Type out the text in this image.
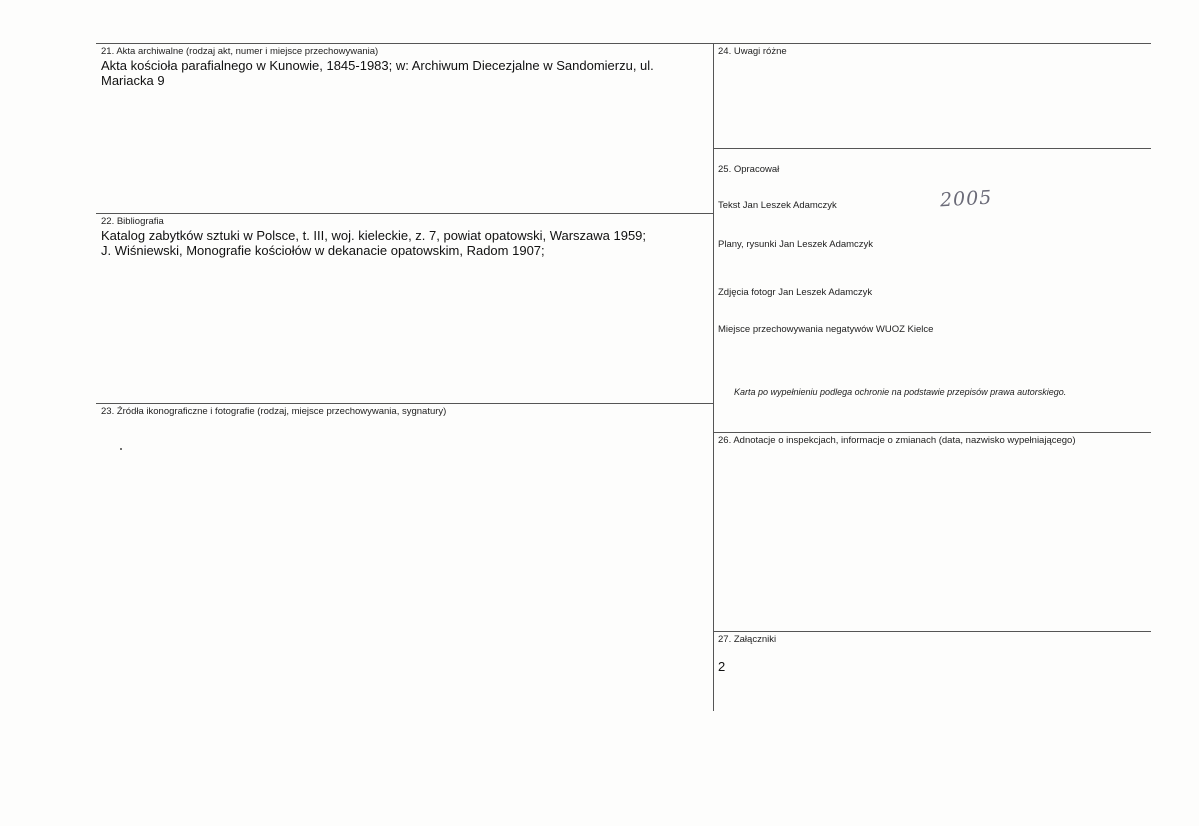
21. Akta archiwalne (rodzaj akt, numer i miejsce przechowywania)
Akta kościoła parafialnego w Kunowie, 1845-1983; w: Archiwum Diecezjalne w Sandomierzu, ul. Mariacka 9
22. Bibliografia
Katalog zabytków sztuki w Polsce, t. III, woj. kieleckie, z. 7, powiat opatowski, Warszawa 1959;
J. Wiśniewski, Monografie kościołów w dekanacie opatowskim, Radom 1907;
23. Źródła ikonograficzne i fotografie (rodzaj, miejsce przechowywania, sygnatury)
24. Uwagi różne
25. Opracował
Tekst Jan Leszek Adamczyk	2005
Plany, rysunki Jan Leszek Adamczyk
Zdjęcia fotogr Jan Leszek Adamczyk
Miejsce przechowywania negatywów WUOZ Kielce
Karta po wypełnieniu podlega ochronie na podstawie przepisów prawa autorskiego.
26. Adnotacje o inspekcjach, informacje o zmianach (data, nazwisko wypełniającego)
27. Załączniki
2
